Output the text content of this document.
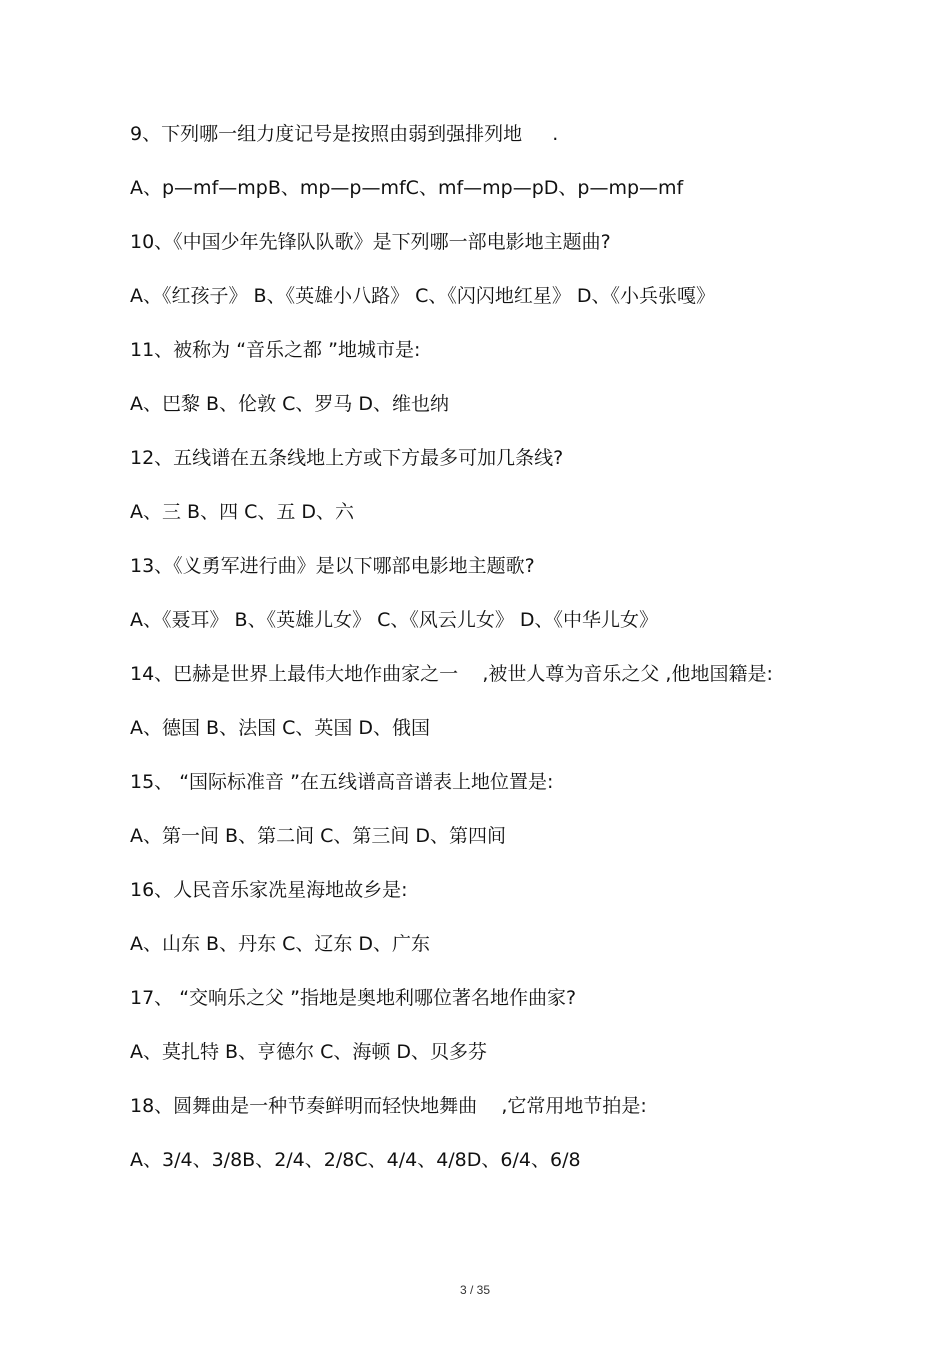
9、下列哪一组力度记号是按照由弱到强排列地     .
A、p—mf—mpB、mp—p—mfC、mf—mp—pD、p—mp—mf
10、《中国少年先锋队队歌》是下列哪一部电影地主题曲?
A、《红孩子》 B、《英雄小八路》 C、《闪闪地红星》 D、《小兵张嘎》
11、被称为 “音乐之都 ”地城市是:
A、巴黎 B、伦敦 C、罗马 D、维也纳
12、五线谱在五条线地上方或下方最多可加几条线?
A、三 B、四 C、五 D、六
13、《义勇军进行曲》是以下哪部电影地主题歌?
A、《聂耳》 B、《英雄儿女》 C、《风云儿女》 D、《中华儿女》
14、巴赫是世界上最伟大地作曲家之一    ,被世人尊为音乐之父 ,他地国籍是:
A、德国 B、法国 C、英国 D、俄国
15、 “国际标准音 ”在五线谱高音谱表上地位置是:
A、第一间 B、第二间 C、第三间 D、第四间
16、人民音乐家冼星海地故乡是:
A、山东 B、丹东 C、辽东 D、广东
17、 “交响乐之父 ”指地是奥地利哪位著名地作曲家?
A、莫扎特 B、亨德尔 C、海顿 D、贝多芬
18、圆舞曲是一种节奏鲜明而轻快地舞曲    ,它常用地节拍是:
A、3/4、3/8B、2/4、2/8C、4/4、4/8D、6/4、6/8
3 / 35
